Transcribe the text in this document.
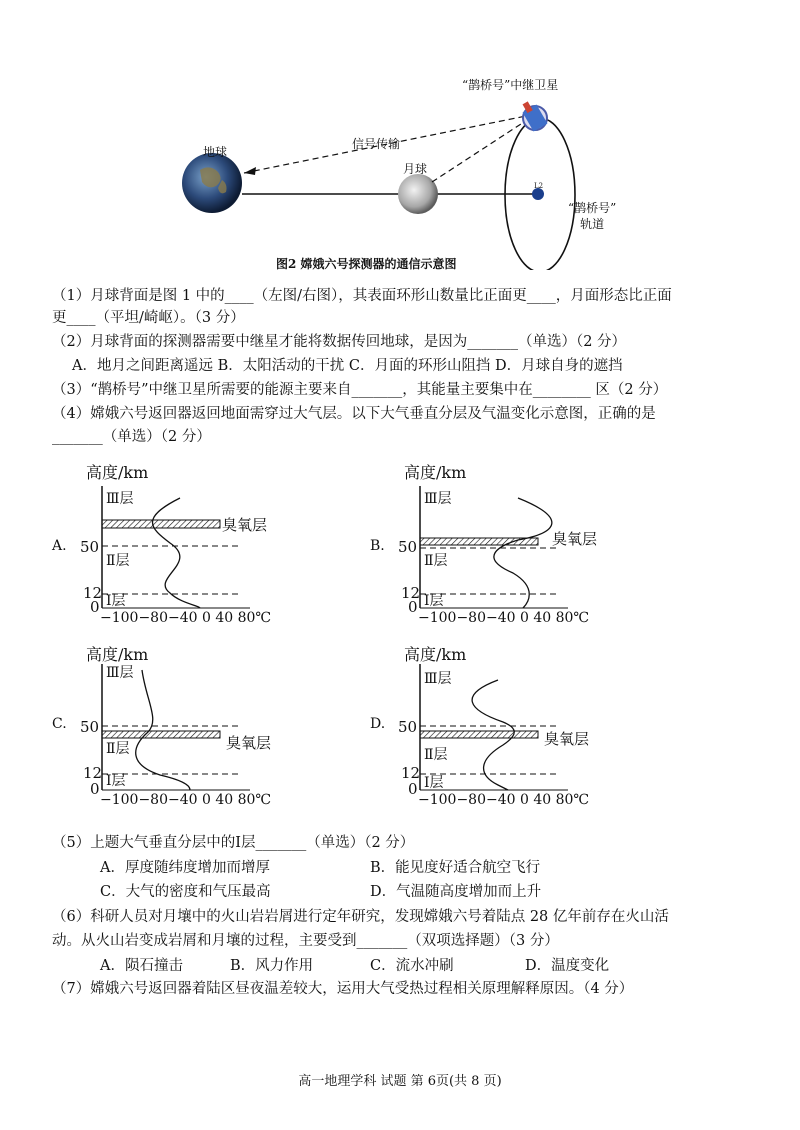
地球
信号传输
月球
“鹊桥号”中继卫星
L2
“鹊桥号”
轨道
图2 嫦娥六号探测器的通信示意图
（1）月球背面是图 1 中的____（左图/右图），其表面环形山数量比正面更____，月面形态比正面
更____（平坦/崎岖）。（3 分）
（2）月球背面的探测器需要中继星才能将数据传回地球，是因为_______（单选）（2 分）
A．地月之间距离遥远 B．太阳活动的干扰 C．月面的环形山阻挡 D．月球自身的遮挡
（3）“鹊桥号”中继卫星所需要的能源主要来自_______，其能量主要集中在________ 区（2 分）
（4）嫦娥六号返回器返回地面需穿过大气层。以下大气垂直分层及气温变化示意图，正确的是
_______（单选）（2 分）
A.
高度/km
臭氧层
Ⅲ层
Ⅱ层
Ⅰ层
50
12
0
−100−80−40 0 40 80℃
B.
高度/km
臭氧层
Ⅲ层
Ⅱ层
Ⅰ层
50
12
0
−100−80−40 0 40 80℃
C.
高度/km
臭氧层
Ⅲ层
Ⅱ层
Ⅰ层
50
12
0
−100−80−40 0 40 80℃
D.
高度/km
臭氧层
Ⅲ层
Ⅱ层
Ⅰ层
50
12
0
−100−80−40 0 40 80℃
（5）上题大气垂直分层中的Ⅰ层_______（单选）（2 分）
A．厚度随纬度增加而增厚	B．能见度好适合航空飞行
C．大气的密度和气压最高	D．气温随高度增加而上升
（6）科研人员对月壤中的火山岩岩屑进行定年研究，发现嫦娥六号着陆点 28 亿年前存在火山活
动。从火山岩变成岩屑和月壤的过程，主要受到_______（双项选择题）（3 分）
A．陨石撞击	B．风力作用	C．流水冲刷	D．温度变化
（7）嫦娥六号返回器着陆区昼夜温差较大，运用大气受热过程相关原理解释原因。（4 分）
高一地理学科 试题 第 6页(共 8 页)
